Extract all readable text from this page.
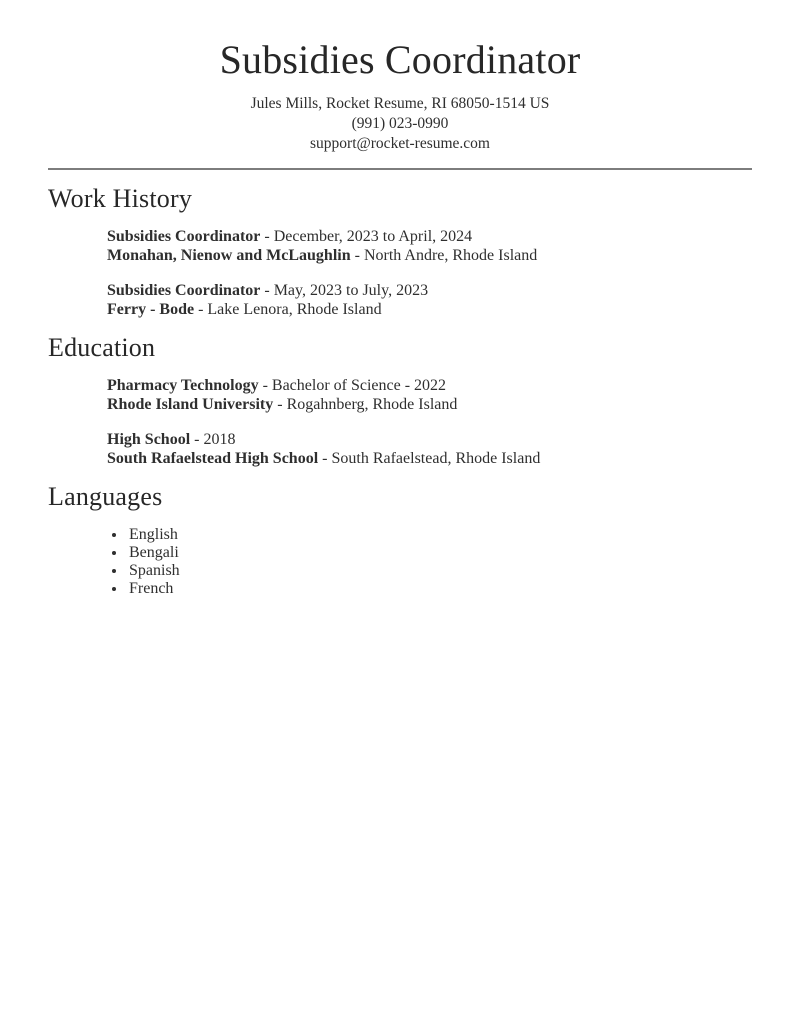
Subsidies Coordinator
Jules Mills, Rocket Resume, RI 68050-1514 US
(991) 023-0990
support@rocket-resume.com
Work History
Subsidies Coordinator - December, 2023 to April, 2024
Monahan, Nienow and McLaughlin - North Andre, Rhode Island
Subsidies Coordinator - May, 2023 to July, 2023
Ferry - Bode - Lake Lenora, Rhode Island
Education
Pharmacy Technology - Bachelor of Science - 2022
Rhode Island University - Rogahnberg, Rhode Island
High School - 2018
South Rafaelstead High School - South Rafaelstead, Rhode Island
Languages
• English
• Bengali
• Spanish
• French
